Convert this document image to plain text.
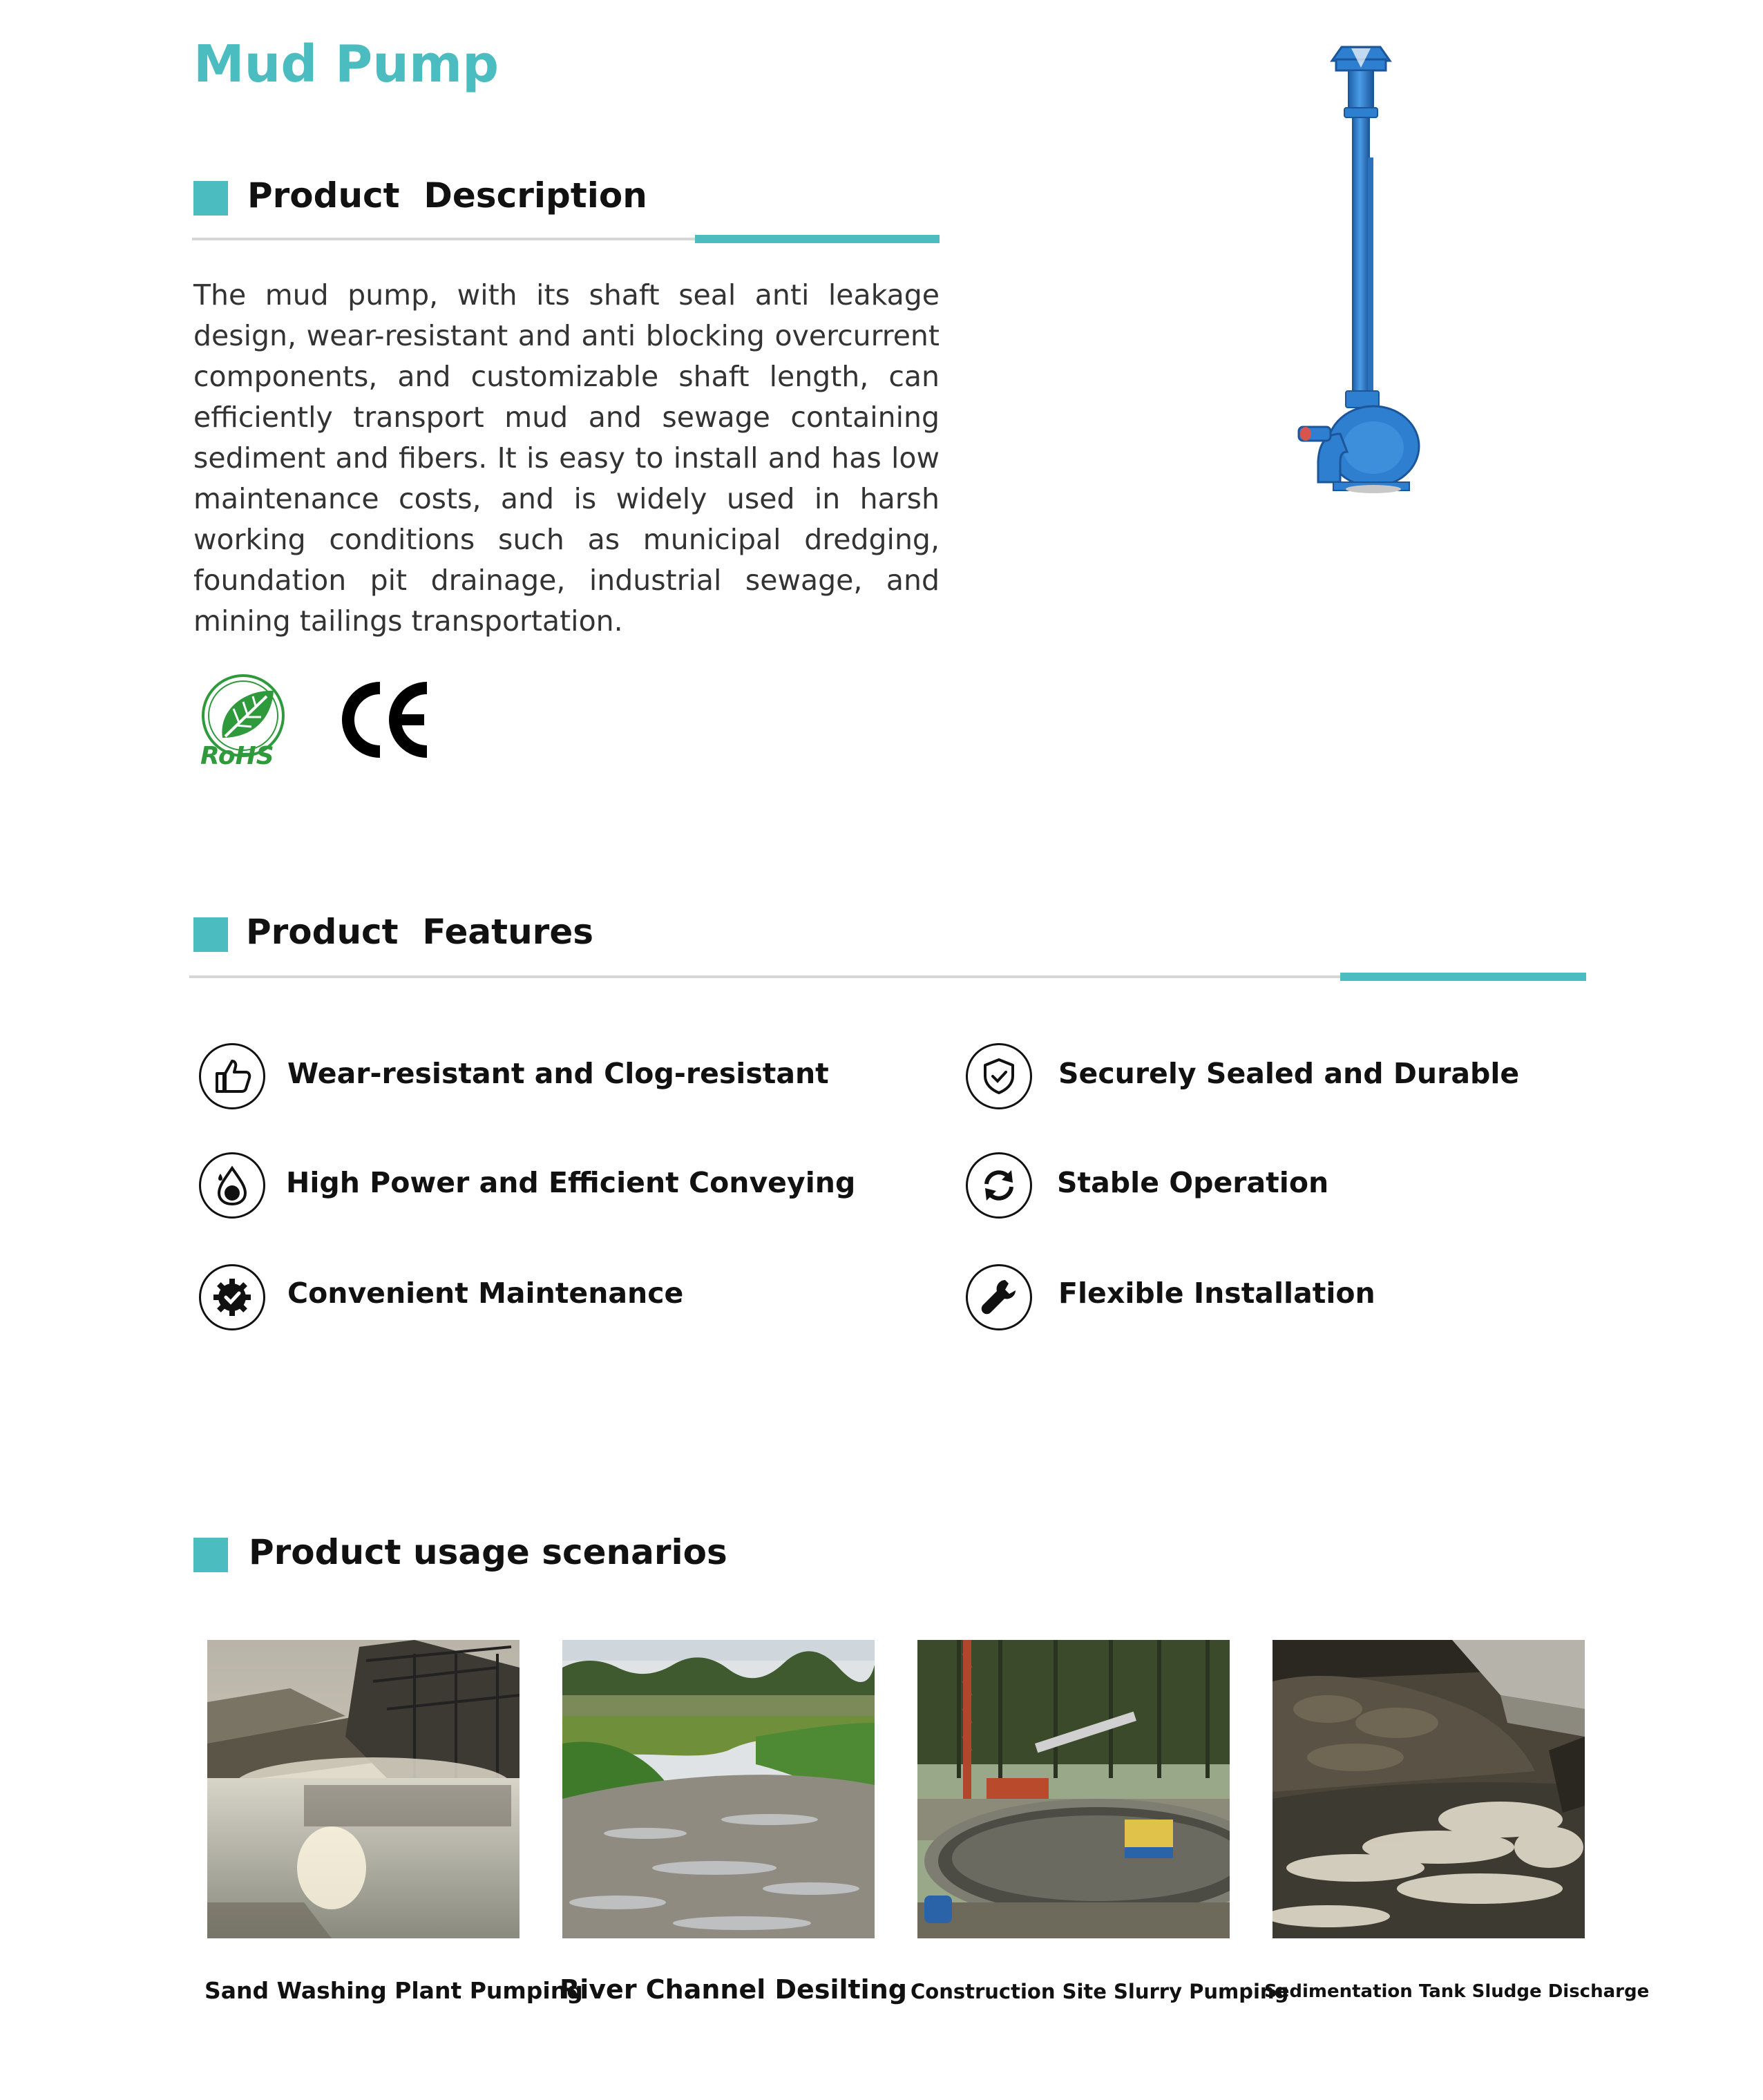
Mud Pump
Product  Description
The mud pump, with its shaft seal anti leakage design, wear-resistant and anti blocking overcurrent components, and customizable shaft length, can efficiently transport mud and sewage containing sediment and fibers. It is easy to install and has low maintenance costs, and is widely used in harsh working conditions such as municipal dredging, foundation pit drainage, industrial sewage, and mining tailings transportation.
RoHS
Product  Features
Wear-resistant and Clog-resistant	Securely Sealed and Durable
High Power and Efficient Conveying	Stable Operation
Convenient Maintenance	Flexible Installation
Product usage scenarios
Sand Washing Plant Pumping
River Channel Desilting Construction Site Slurry Pumping
Sedimentation Tank Sludge Discharge
